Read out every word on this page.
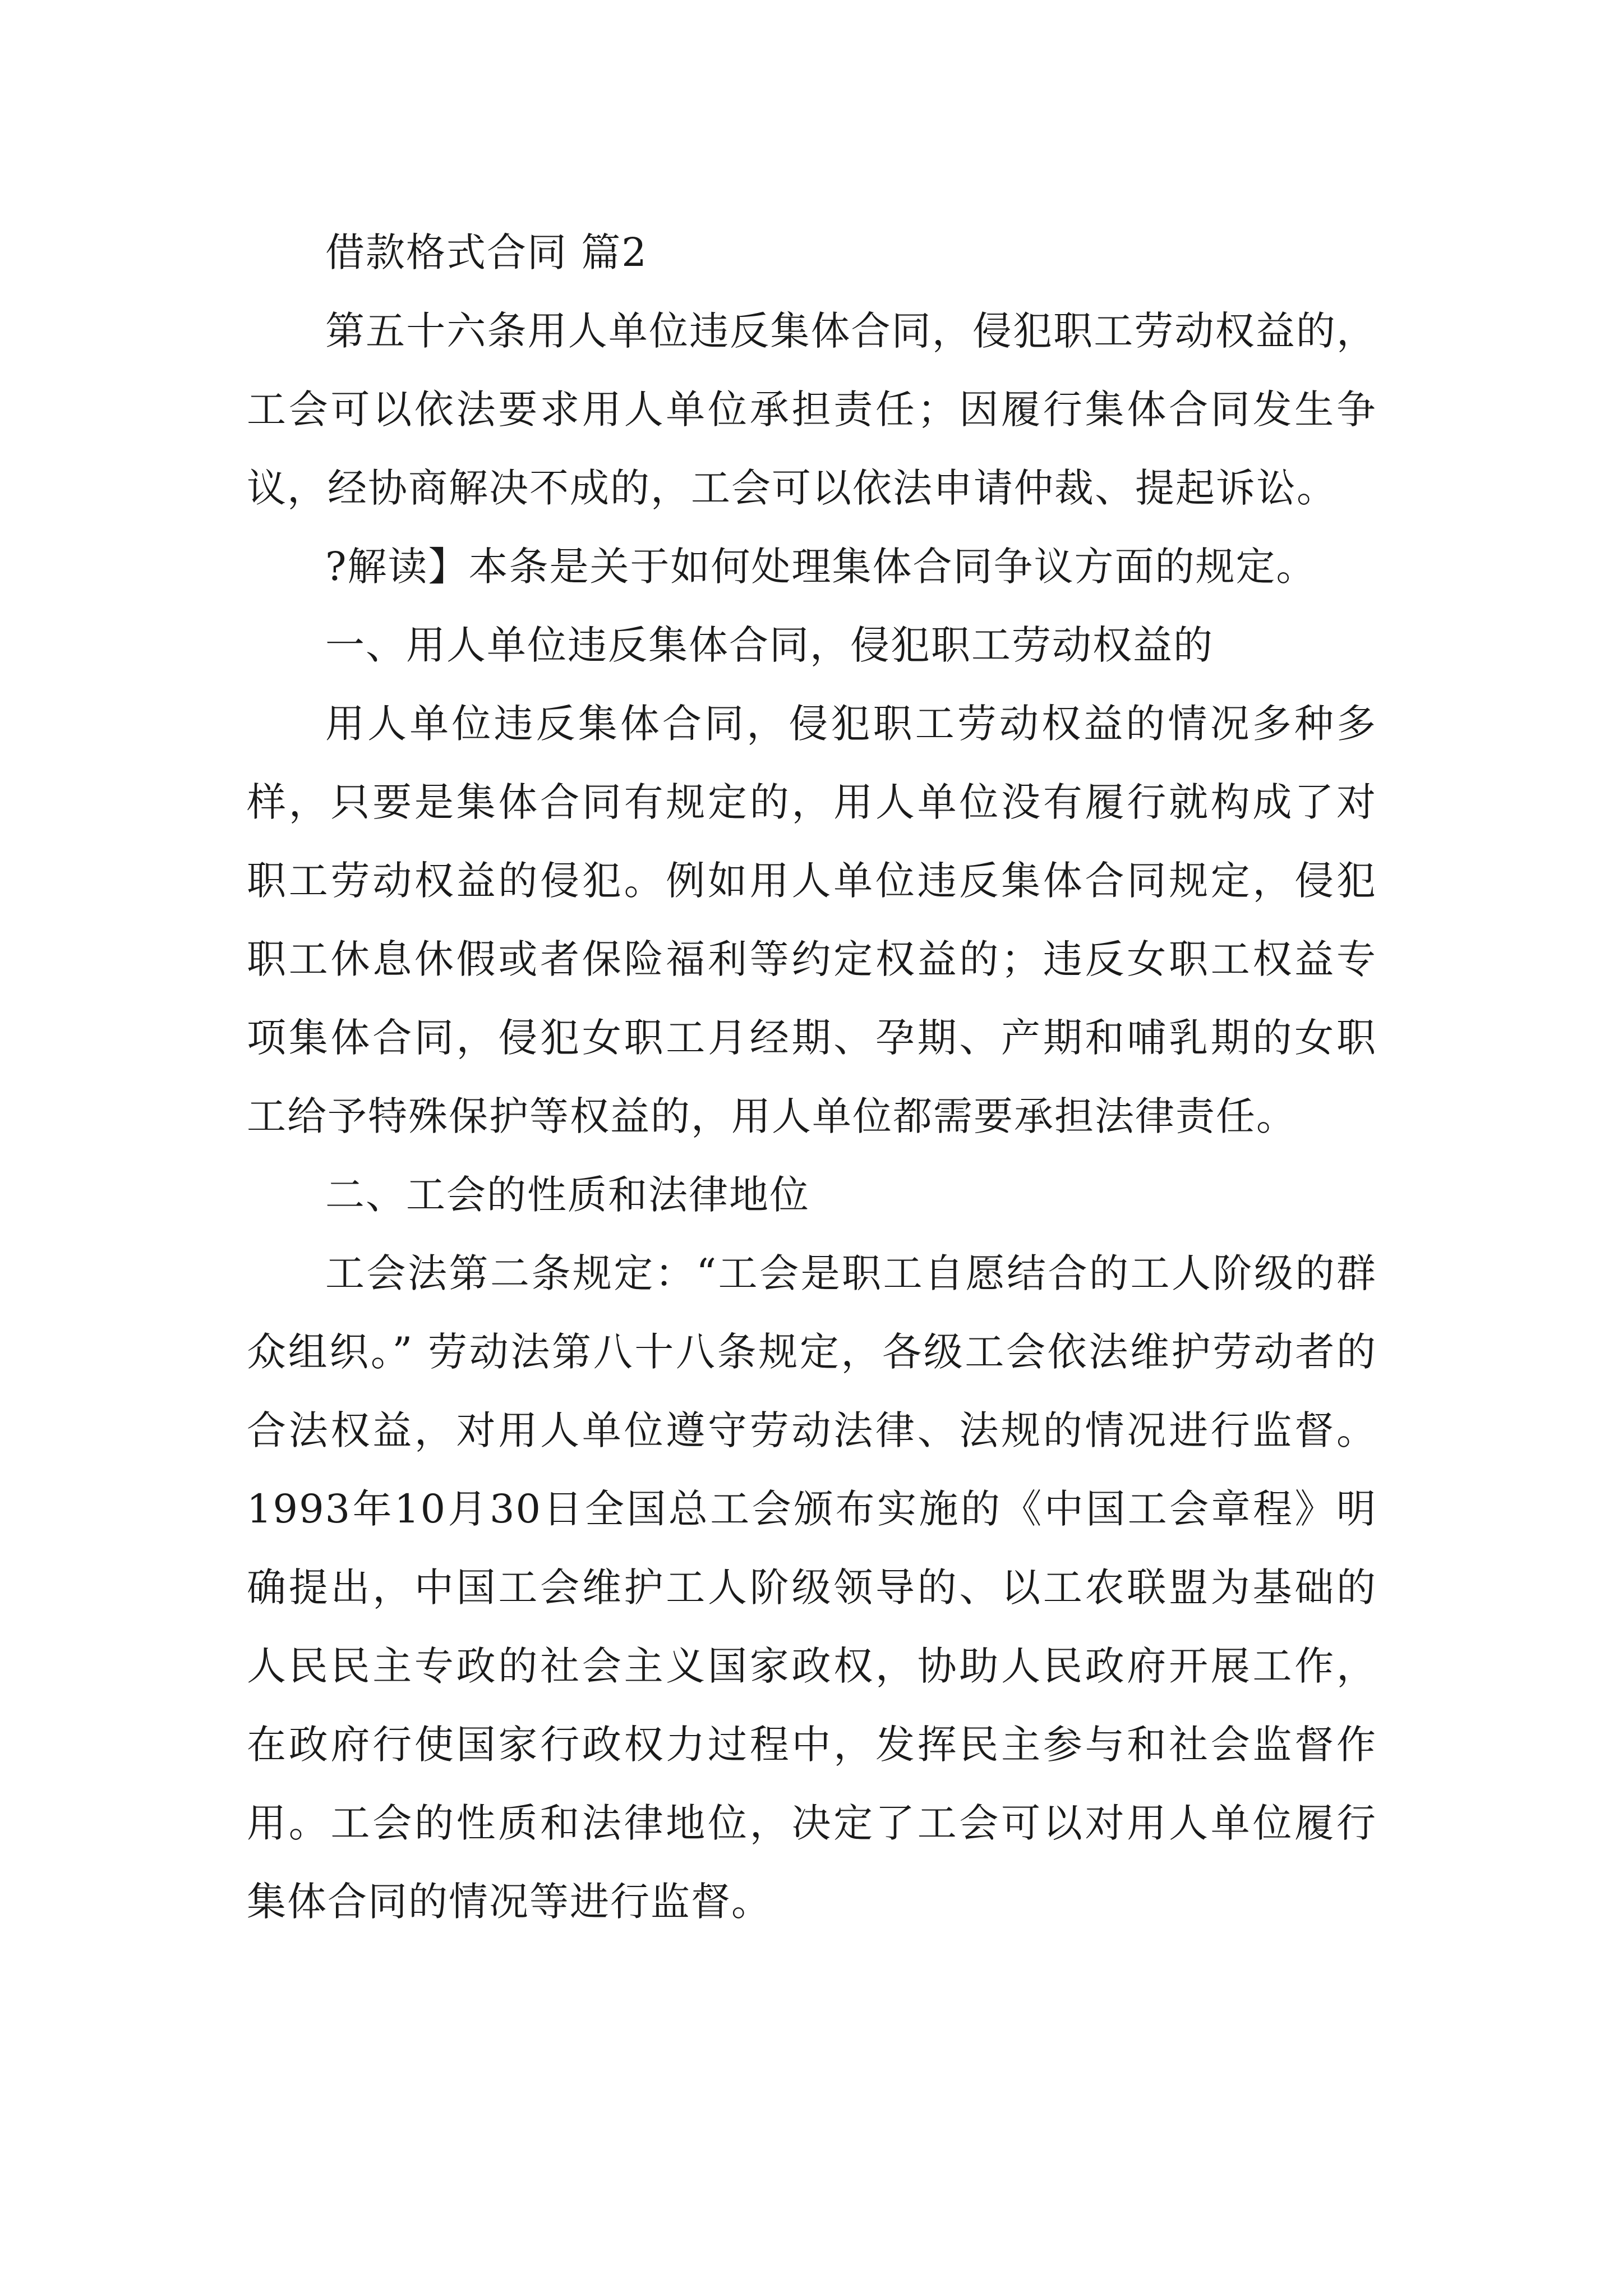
借款格式合同 篇2

第五十六条用人单位违反集体合同，侵犯职工劳动权益的，工会可以依法要求用人单位承担责任；因履行集体合同发生争议，经协商解决不成的，工会可以依法申请仲裁、提起诉讼。

?解读】本条是关于如何处理集体合同争议方面的规定。

一、用人单位违反集体合同，侵犯职工劳动权益的

用人单位违反集体合同，侵犯职工劳动权益的情况多种多样，只要是集体合同有规定的，用人单位没有履行就构成了对职工劳动权益的侵犯。例如用人单位违反集体合同规定，侵犯职工休息休假或者保险福利等约定权益的；违反女职工权益专项集体合同，侵犯女职工月经期、孕期、产期和哺乳期的女职工给予特殊保护等权益的，用人单位都需要承担法律责任。

二、工会的性质和法律地位

工会法第二条规定：“工会是职工自愿结合的工人阶级的群众组织。” 劳动法第八十八条规定，各级工会依法维护劳动者的合法权益，对用人单位遵守劳动法律、法规的情况进行监督。1993年10月30日全国总工会颁布实施的《中国工会章程》明确提出，中国工会维护工人阶级领导的、以工农联盟为基础的人民民主专政的社会主义国家政权，协助人民政府开展工作，在政府行使国家行政权力过程中，发挥民主参与和社会监督作用。工会的性质和法律地位，决定了工会可以对用人单位履行集体合同的情况等进行监督。
